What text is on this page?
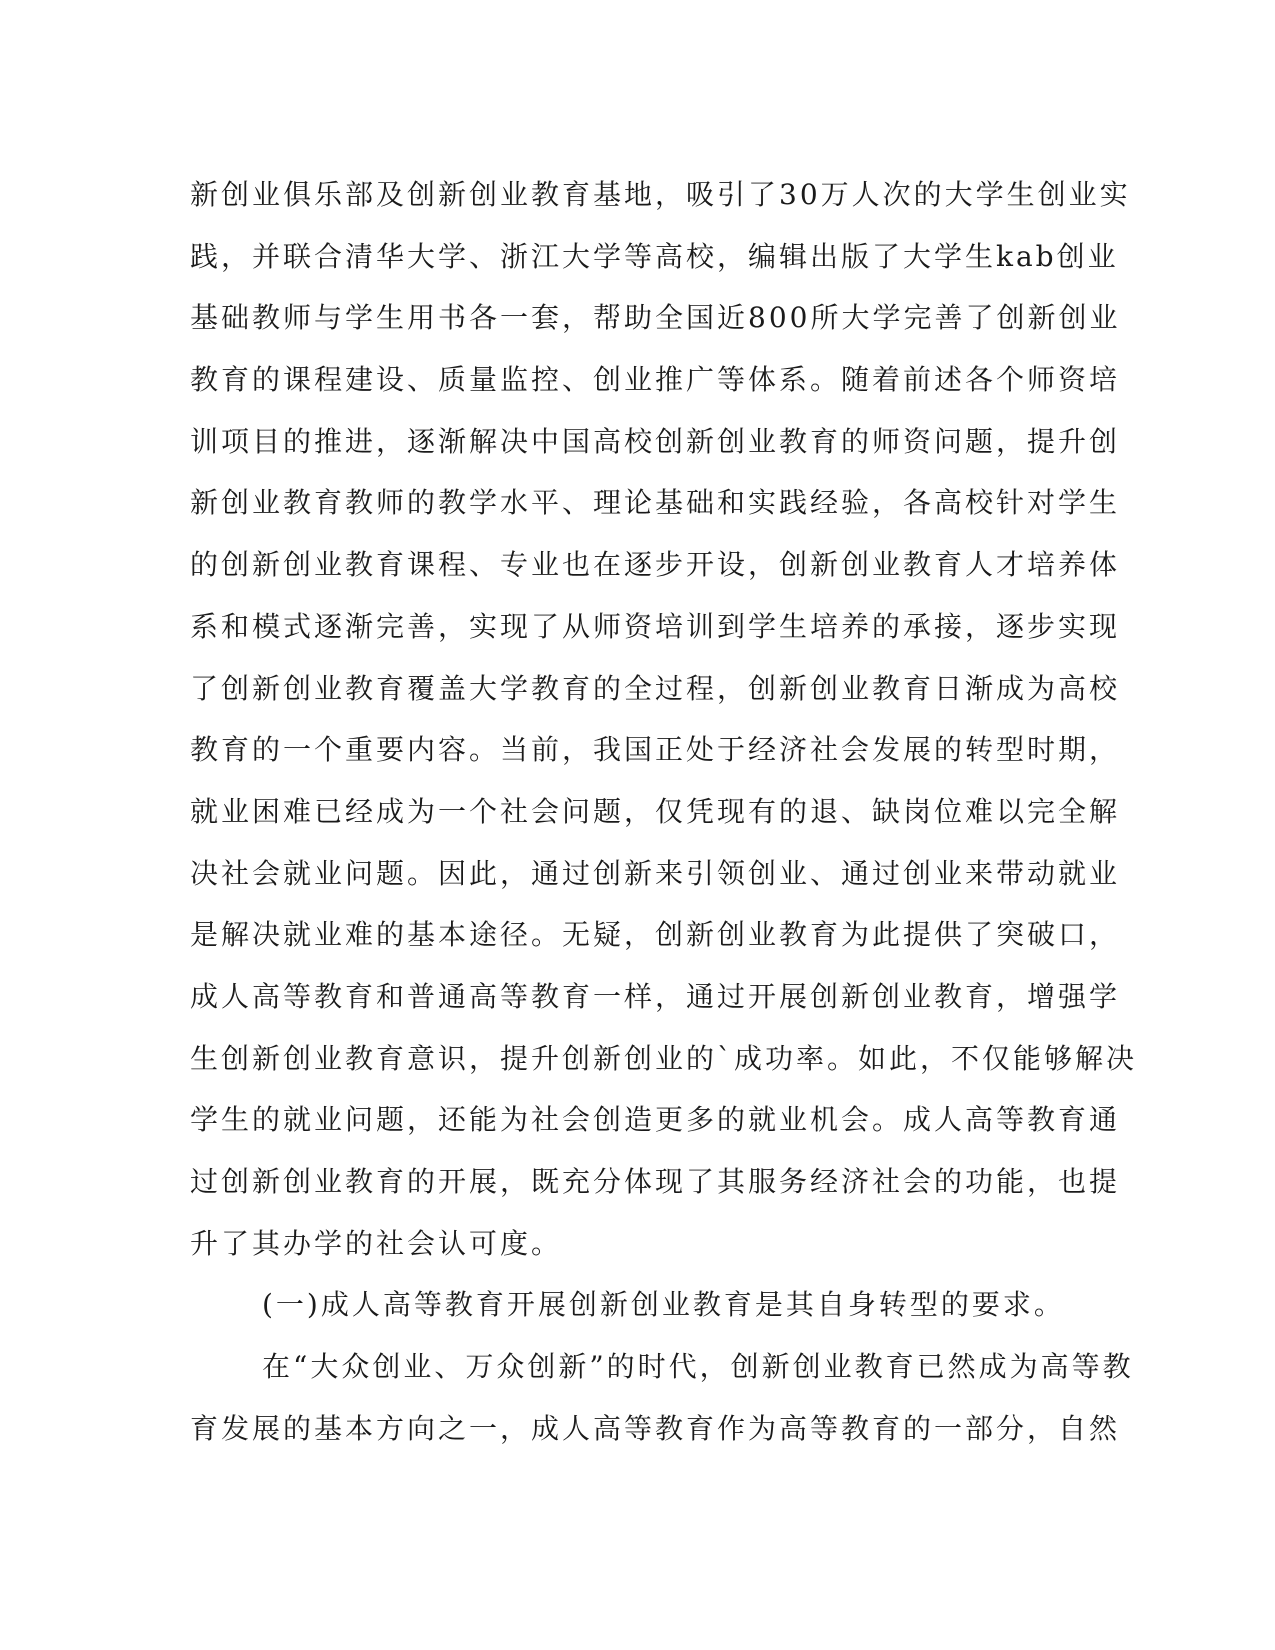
新创业俱乐部及创新创业教育基地，吸引了30万人次的大学生创业实
践，并联合清华大学、浙江大学等高校，编辑出版了大学生kab创业
基础教师与学生用书各一套，帮助全国近800所大学完善了创新创业
教育的课程建设、质量监控、创业推广等体系。随着前述各个师资培
训项目的推进，逐渐解决中国高校创新创业教育的师资问题，提升创
新创业教育教师的教学水平、理论基础和实践经验，各高校针对学生
的创新创业教育课程、专业也在逐步开设，创新创业教育人才培养体
系和模式逐渐完善，实现了从师资培训到学生培养的承接，逐步实现
了创新创业教育覆盖大学教育的全过程，创新创业教育日渐成为高校
教育的一个重要内容。当前，我国正处于经济社会发展的转型时期，
就业困难已经成为一个社会问题，仅凭现有的退、缺岗位难以完全解
决社会就业问题。因此，通过创新来引领创业、通过创业来带动就业
是解决就业难的基本途径。无疑，创新创业教育为此提供了突破口，
成人高等教育和普通高等教育一样，通过开展创新创业教育，增强学
生创新创业教育意识，提升创新创业的`成功率。如此，不仅能够解决
学生的就业问题，还能为社会创造更多的就业机会。成人高等教育通
过创新创业教育的开展，既充分体现了其服务经济社会的功能，也提
升了其办学的社会认可度。
(一)成人高等教育开展创新创业教育是其自身转型的要求。
在“大众创业、万众创新”的时代，创新创业教育已然成为高等教
育发展的基本方向之一，成人高等教育作为高等教育的一部分，自然
